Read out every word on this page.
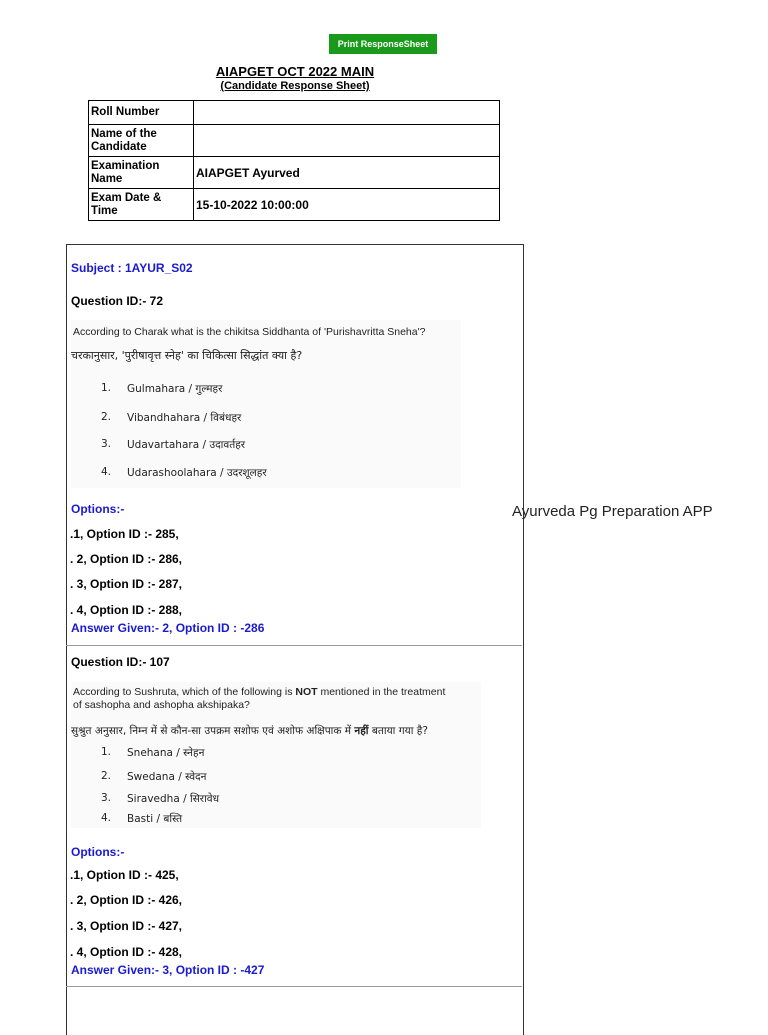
Print ResponseSheet
AIAPGET OCT 2022 MAIN
(Candidate Response Sheet)
Roll Number	
Name of the
Candidate	
Examination
Name	AIAPGET Ayurved
Exam Date &
Time	15-10-2022 10:00:00
Subject : 1AYUR_S02
Question ID:- 72
According to Charak what is the chikitsa Siddhanta of 'Purishavritta Sneha'?
चरकानुसार, 'पुरीषावृत्त स्नेह' का चिकित्सा सिद्धांत क्या है?
1. Gulmahara / गुल्महर
2. Vibandhahara / विबंधहर
3. Udavartahara / उदावर्तहर
4. Udarashoolahara / उदरशूलहर
Options:-
.1, Option ID :- 285,
. 2, Option ID :- 286,
. 3, Option ID :- 287,
. 4, Option ID :- 288,
Answer Given:- 2, Option ID : -286
Question ID:- 107
According to Sushruta, which of the following is NOT mentioned in the treatment
of sashopha and ashopha akshipaka?
सुश्रुत अनुसार, निम्न में से कौन-सा उपक्रम सशोफ एवं अशोफ अक्षिपाक में नहीं बताया गया है?
1. Snehana / स्नेहन
2. Swedana / स्वेदन
3. Siravedha / सिरावेध
4. Basti / बस्ति
Options:-
.1, Option ID :- 425,
. 2, Option ID :- 426,
. 3, Option ID :- 427,
. 4, Option ID :- 428,
Answer Given:- 3, Option ID : -427
Ayurveda Pg Preparation APP
